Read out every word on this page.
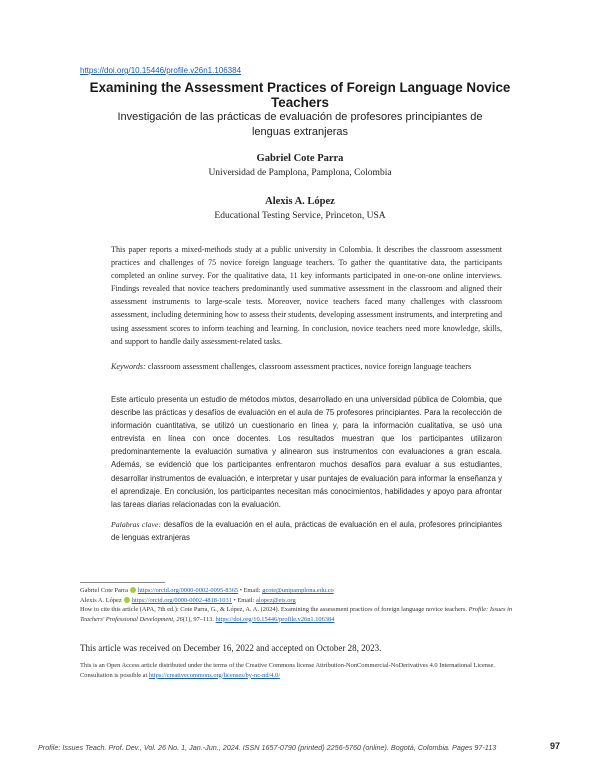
https://doi.org/10.15446/profile.v26n1.106384
Examining the Assessment Practices of Foreign Language Novice Teachers
Investigación de las prácticas de evaluación de profesores principiantes de lenguas extranjeras
Gabriel Cote Parra
Universidad de Pamplona, Pamplona, Colombia
Alexis A. López
Educational Testing Service, Princeton, USA

This paper reports a mixed-methods study at a public university in Colombia. It describes the classroom assessment practices and challenges of 75 novice foreign language teachers. To gather the quantitative data, the participants completed an online survey. For the qualitative data, 11 key informants participated in one-on-one online interviews. Findings revealed that novice teachers predominantly used summative assessment in the classroom and aligned their assessment instruments to large-scale tests. Moreover, novice teachers faced many challenges with classroom assessment, including determining how to assess their students, developing assessment instruments, and interpreting and using assessment scores to inform teaching and learning. In conclusion, novice teachers need more knowledge, skills, and support to handle daily assessment-related tasks.

Keywords: classroom assessment challenges, classroom assessment practices, novice foreign language teachers

Este artículo presenta un estudio de métodos mixtos, desarrollado en una universidad pública de Colombia, que describe las prácticas y desafíos de evaluación en el aula de 75 profesores principiantes. Para la recolección de información cuantitativa, se utilizó un cuestionario en línea y, para la información cualitativa, se usó una entrevista en línea con once docentes. Los resultados muestran que los participantes utilizaron predominantemente la evaluación sumativa y alinearon sus instrumentos con evaluaciones a gran escala. Además, se evidenció que los participantes enfrentaron muchos desafíos para evaluar a sus estudiantes, desarrollar instrumentos de evaluación, e interpretar y usar puntajes de evaluación para informar la enseñanza y el aprendizaje. En conclusión, los participantes necesitan más conocimientos, habilidades y apoyo para afrontar las tareas diarias relacionadas con la evaluación.

Palabras clave: desafíos de la evaluación en el aula, prácticas de evaluación en el aula, profesores principiantes de lenguas extranjeras

Gabriel Cote Parra https://orcid.org/0000-0002-0095-8365 • Email: gcote@unipamplona.edu.co
Alexis A. López https://orcid.org/0000-0002-4818-1031 • Email: alopez@ets.org
How to cite this article (APA, 7th ed.): Cote Parra, G., & López, A. A. (2024). Examining the assessment practices of foreign language novice teachers. Profile: Issues in Teachers' Professional Development, 26(1), 97–113. https://doi.org/10.15446/profile.v26n1.106384
This article was received on December 16, 2022 and accepted on October 28, 2023.
This is an Open Access article distributed under the terms of the Creative Commons license Attribution-NonCommercial-NoDerivatives 4.0 International License. Consultation is possible at https://creativecommons.org/licenses/by-nc-nd/4.0/
Profile: Issues Teach. Prof. Dev., Vol. 26 No. 1, Jan.-Jun., 2024. ISSN 1657-0790 (printed) 2256-5760 (online). Bogotá, Colombia. Pages 97-113	97
